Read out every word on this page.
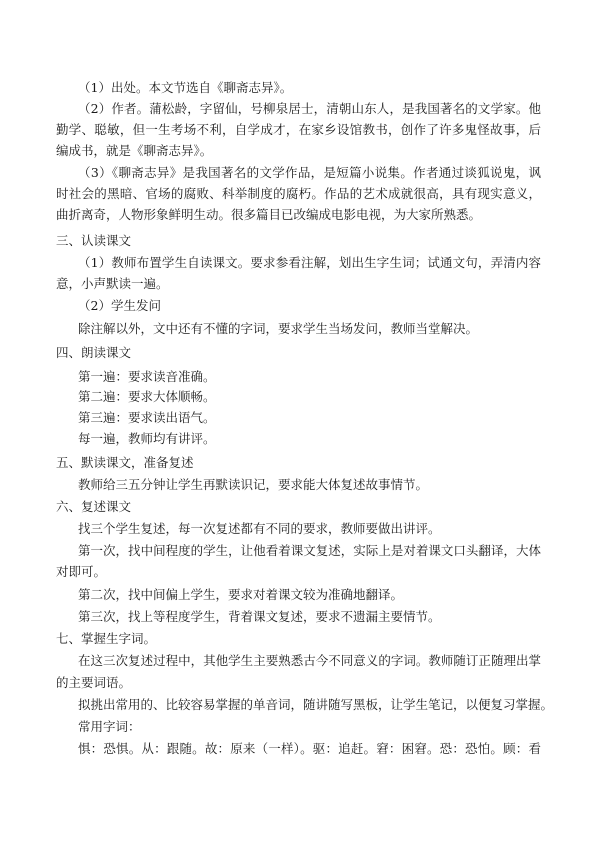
（1）出处。本文节选自《聊斋志异》。
（2）作者。蒲松龄，字留仙，号柳泉居士，清朝山东人，是我国著名的文学家。他
勤学、聪敏，但一生考场不利，自学成才，在家乡设馆教书，创作了许多鬼怪故事，后
编成书，就是《聊斋志异》。
（3）《聊斋志异》是我国著名的文学作品，是短篇小说集。作者通过谈狐说鬼，讽
时社会的黑暗、官场的腐败、科举制度的腐朽。作品的艺术成就很高，具有现实意义，
曲折离奇，人物形象鲜明生动。很多篇目已改编成电影电视，为大家所熟悉。
三、认读课文
（1）教师布置学生自读课文。要求参看注解，划出生字生词；试通文句，弄清内容
意，小声默读一遍。
（2）学生发问
除注解以外，文中还有不懂的字词，要求学生当场发问，教师当堂解决。
四、朗读课文
第一遍：要求读音准确。
第二遍：要求大体顺畅。
第三遍：要求读出语气。
每一遍，教师均有讲评。
五、默读课文，准备复述
教师给三五分钟让学生再默读识记，要求能大体复述故事情节。
六、复述课文
找三个学生复述，每一次复述都有不同的要求，教师要做出讲评。
第一次，找中间程度的学生，让他看着课文复述，实际上是对着课文口头翻译，大体
对即可。
第二次，找中间偏上学生，要求对着课文较为准确地翻译。
第三次，找上等程度学生，背着课文复述，要求不遗漏主要情节。
七、掌握生字词。
在这三次复述过程中，其他学生主要熟悉古今不同意义的字词。教师随订正随理出掌
的主要词语。
拟挑出常用的、比较容易掌握的单音词，随讲随写黑板，让学生笔记，以便复习掌握。
常用字词：
惧：恐惧。从：跟随。故：原来（一样）。驱：追赶。窘：困窘。恐：恐怕。顾：看
